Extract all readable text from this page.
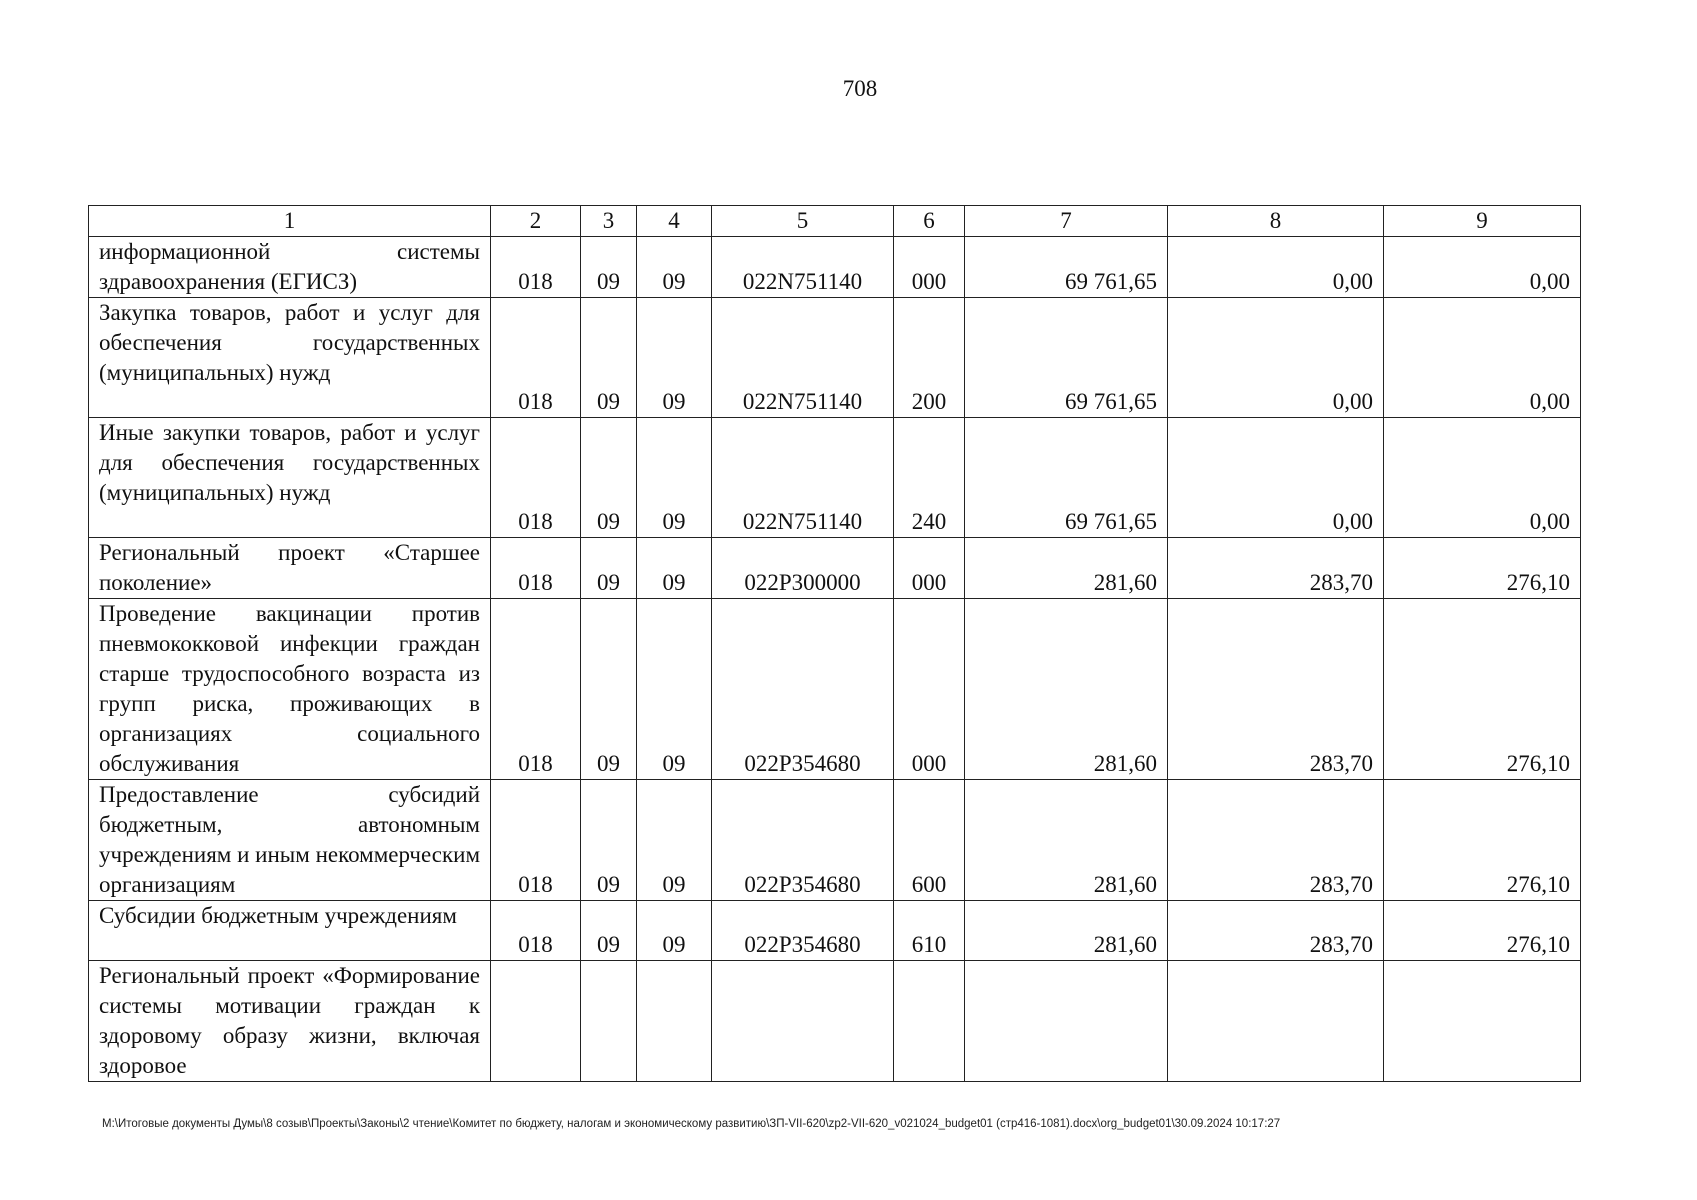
708
1	2	3	4	5	6	7	8	9
информационной системы здравоохранения (ЕГИСЗ)	018	09	09	022N751140	000	69 761,65	0,00	0,00
Закупка товаров, работ и услуг для обеспечения государственных (муниципальных) нужд	018	09	09	022N751140	200	69 761,65	0,00	0,00
Иные закупки товаров, работ и услуг для обеспечения государственных (муниципальных) нужд	018	09	09	022N751140	240	69 761,65	0,00	0,00
Региональный проект «Старшее поколение»	018	09	09	022P300000	000	281,60	283,70	276,10
Проведение вакцинации против пневмококковой инфекции граждан старше трудоспособного возраста из групп риска, проживающих в организациях социального обслуживания	018	09	09	022P354680	000	281,60	283,70	276,10
Предоставление субсидий бюджетным, автономным учреждениям и иным некоммерческим организациям	018	09	09	022P354680	600	281,60	283,70	276,10
Субсидии бюджетным учреждениям	018	09	09	022P354680	610	281,60	283,70	276,10
Региональный проект «Формирование системы мотивации граждан к здоровому образу жизни, включая здоровое								
M:\Итоговые документы Думы\8 созыв\Проекты\Законы\2 чтение\Комитет по бюджету, налогам и экономическому развитию\ЗП-VII-620\zp2-VII-620_v021024_budget01 (стр416-1081).docx\org_budget01\30.09.2024 10:17:27
